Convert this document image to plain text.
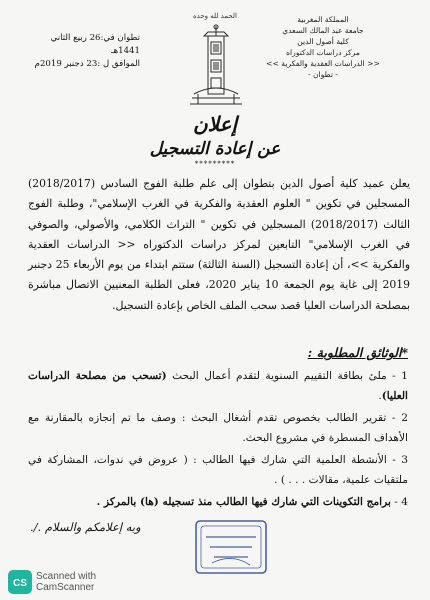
تطوان في:26 ربيع الثاني 1441هـ
الموافق ل :23 دجنبر 2019م
الحمد لله وحده	المملكة المغربية
جامعة عبد المالك السعدي
كلية أصول الدين
مركز دراسات الدكتوراه
<< الدراسات العقدية والفكرية >>
- تطوان -
إعلان
عن إعادة التسجيل
*********

يعلن عميد كلية أصول الدين بتطوان إلى علم طلبة الفوج السادس (2018/2017) المسجلين في تكوين " العلوم العقدية والفكرية في الغرب الإسلامي"، وطلبة الفوج الثالث (2018/2017) المسجلين في تكوين " التراث الكلامي، والأصولي، والصوفي في الغرب الإسلامي" التابعين لمركز دراسات الدكتوراه << الدراسات العقدية والفكرية >>، أن إعادة التسجيل (السنة الثالثة) ستتم ابتداء من يوم الأربعاء 25 دجنبر 2019 إلى غاية يوم الجمعة 10 يناير 2020، فعلى الطلبة المعنيين الاتصال مباشرة بمصلحة الدراسات العليا قصد سحب الملف الخاص بإعادة التسجيل.

*الوثائق المطلوبة :
1 - ملئ بطاقة التقييم السنوية لتقدم أعمال البحث (تسحب من مصلحة الدراسات العليا).
2 - تقرير الطالب بخصوص تقدم أشغال البحث : وصف ما تم إنجازه بالمقارنة مع الأهداف المسطرة في مشروع البحث.
3 - الأنشطة العلمية التي شارك فيها الطالب : ( عروض في ندوات، المشاركة في ملتقيات علمية، مقالات . . . ) .
4 - برامج التكوينات التي شارك فيها الطالب منذ تسجيله (ها) بالمركز .
وبه إعلامكم والسلام ./.
CS
Scanned with
CamScanner
